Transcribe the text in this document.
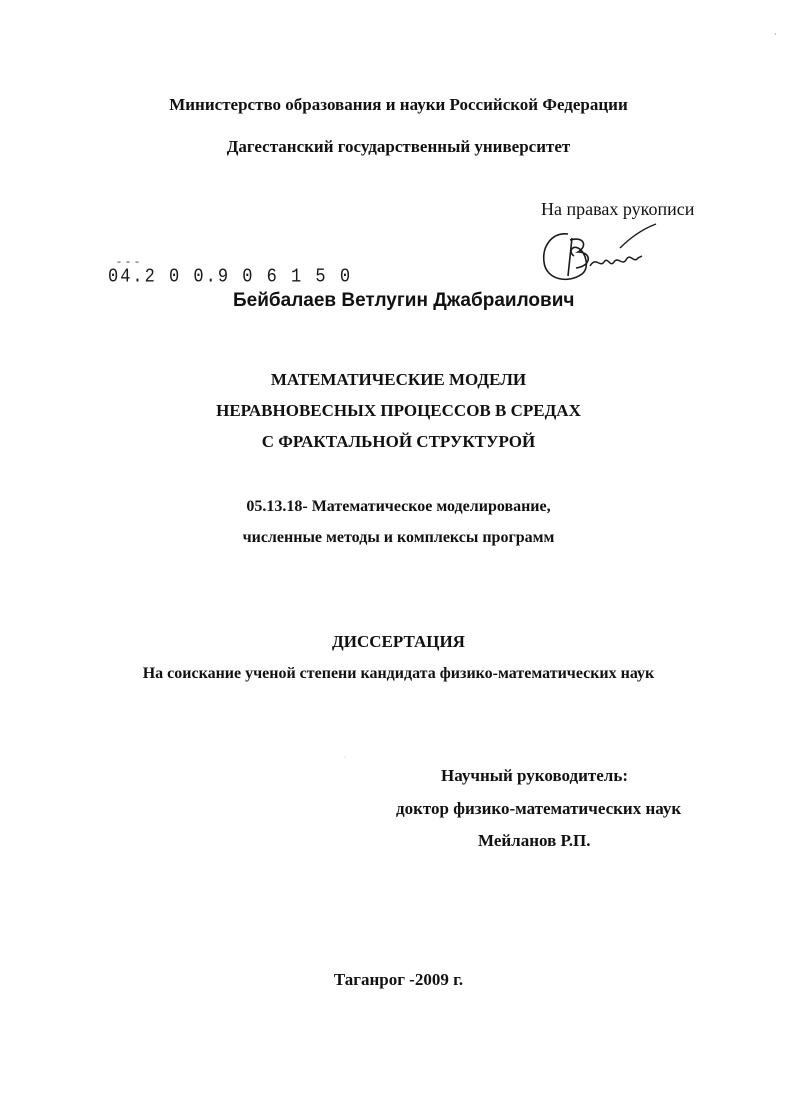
·
Министерство образования и науки Российской Федерации
Дагестанский государственный университет
На правах рукописи
- - -
04.2 0 0.9 0 6 1 5 0
Бейбалаев Ветлугин Джабраилович
МАТЕМАТИЧЕСКИЕ МОДЕЛИ
НЕРАВНОВЕСНЫХ ПРОЦЕССОВ В СРЕДАХ
С ФРАКТАЛЬНОЙ СТРУКТУРОЙ
05.13.18- Математическое моделирование,
численные методы и комплексы программ
ДИССЕРТАЦИЯ
На соискание ученой степени кандидата физико-математических наук
·
Научный руководитель:
доктор физико-математических наук
Мейланов Р.П.
Таганрог -2009 г.
